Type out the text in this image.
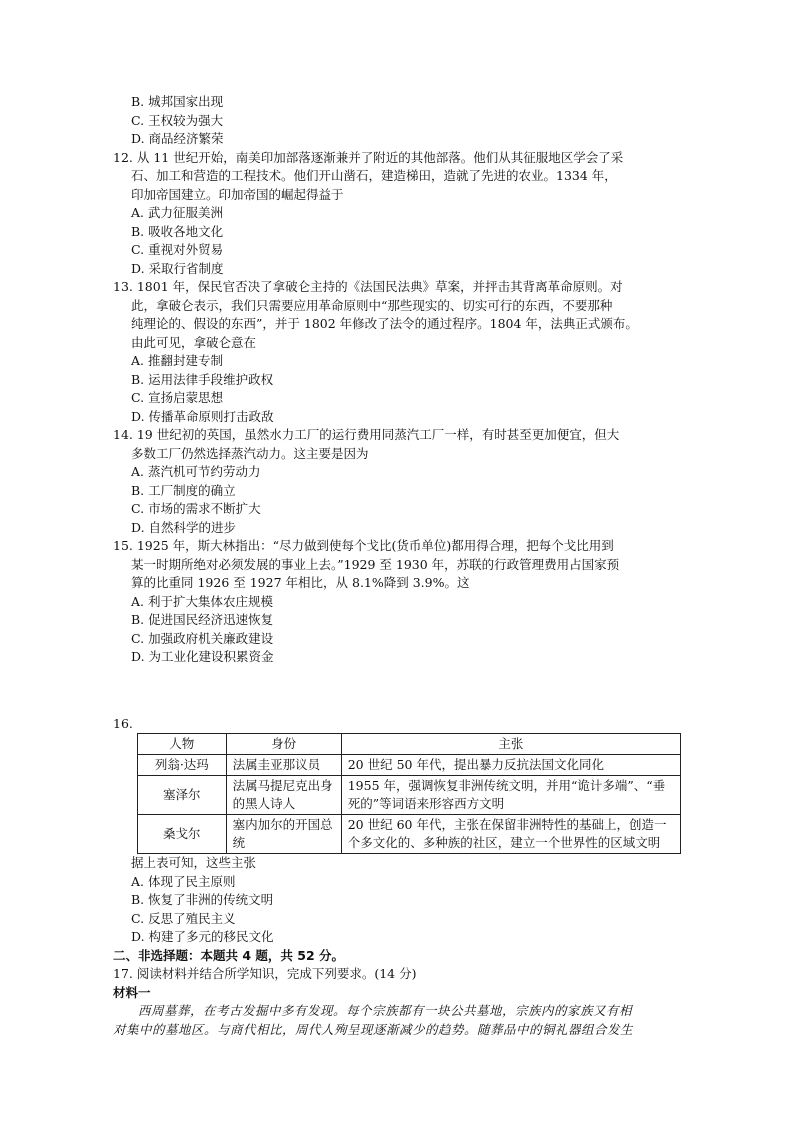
B. 城邦国家出现
C. 王权较为强大
D. 商品经济繁荣
12. 从 11 世纪开始，南美印加部落逐渐兼并了附近的其他部落。他们从其征服地区学会了采
石、加工和营造的工程技术。他们开山凿石，建造梯田，造就了先进的农业。1334 年，
印加帝国建立。印加帝国的崛起得益于
A. 武力征服美洲
B. 吸收各地文化
C. 重视对外贸易
D. 采取行省制度
13. 1801 年，保民官否决了拿破仑主持的《法国民法典》草案，并抨击其背离革命原则。对
此，拿破仑表示，我们只需要应用革命原则中“那些现实的、切实可行的东西，不要那种
纯理论的、假设的东西”，并于 1802 年修改了法令的通过程序。1804 年，法典正式颁布。
由此可见，拿破仑意在
A. 推翻封建专制
B. 运用法律手段维护政权
C. 宣扬启蒙思想
D. 传播革命原则打击政敌
14. 19 世纪初的英国，虽然水力工厂的运行费用同蒸汽工厂一样，有时甚至更加便宜，但大
多数工厂仍然选择蒸汽动力。这主要是因为
A. 蒸汽机可节约劳动力
B. 工厂制度的确立
C. 市场的需求不断扩大
D. 自然科学的进步
15. 1925 年，斯大林指出：“尽力做到使每个戈比(货币单位)都用得合理，把每个戈比用到
某一时期所绝对必须发展的事业上去。”1929 至 1930 年，苏联的行政管理费用占国家预
算的比重同 1926 至 1927 年相比，从 8.1%降到 3.9%。这
A. 利于扩大集体农庄规模
B. 促进国民经济迅速恢复
C. 加强政府机关廉政建设
D. 为工业化建设积累资金
16.
人物	身份	主张
列翁·达玛	法属圭亚那议员	20 世纪 50 年代，提出暴力反抗法国文化同化
塞泽尔	法属马提尼克出身的黑人诗人	1955 年，强调恢复非洲传统文明，并用“诡计多端”、“垂死的”等词语来形容西方文明
桑戈尔	塞内加尔的开国总统	20 世纪 60 年代，主张在保留非洲特性的基础上，创造一个多文化的、多种族的社区，建立一个世界性的区域文明
据上表可知，这些主张
A. 体现了民主原则
B. 恢复了非洲的传统文明
C. 反思了殖民主义
D. 构建了多元的移民文化
二、非选择题：本题共 4 题，共 52 分。
17. 阅读材料并结合所学知识，完成下列要求。(14 分)
材料一
西周墓葬，在考古发掘中多有发现。每个宗族都有一块公共墓地，宗族内的家族又有相
对集中的墓地区。与商代相比，周代人殉呈现逐渐减少的趋势。随葬品中的铜礼器组合发生
